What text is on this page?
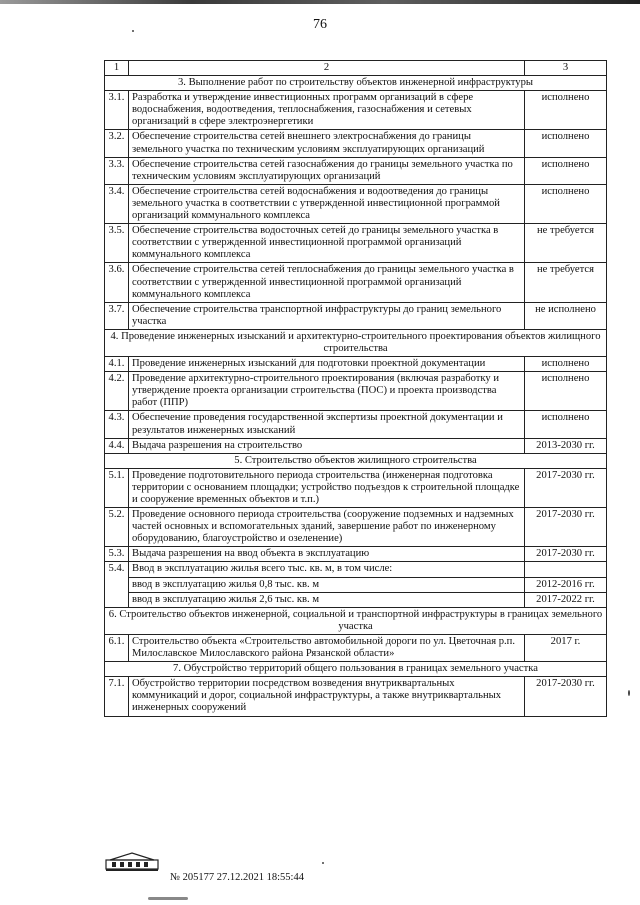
76
1	2	3
3. Выполнение работ по строительству объектов инженерной инфраструктуры		
3.1.	Разработка и утверждение инвестиционных программ организаций в сфере водоснабжения, водоотведения, теплоснабжения, газоснабжения и сетевых организаций в сфере электроэнергетики	исполнено
3.2.	Обеспечение строительства сетей внешнего электроснабжения до границы земельного участка по техническим условиям эксплуатирующих организаций	исполнено
3.3.	Обеспечение строительства сетей газоснабжения до границы земельного участка по техническим условиям эксплуатирующих организаций	исполнено
3.4.	Обеспечение строительства сетей водоснабжения и водоотведения до границы земельного участка в соответствии с утвержденной инвестиционной программой организаций коммунального комплекса	исполнено
3.5.	Обеспечение строительства водосточных сетей до границы земельного участка в соответствии с утвержденной инвестиционной программой организаций коммунального комплекса	не требуется
3.6.	Обеспечение строительства сетей теплоснабжения до границы земельного участка в соответствии с утвержденной инвестиционной программой организаций коммунального комплекса	не требуется
3.7.	Обеспечение строительства транспортной инфраструктуры до границ земельного участка	не исполнено
4. Проведение инженерных изысканий и архитектурно-строительного проектирования объектов жилищного строительства		
4.1.	Проведение инженерных изысканий для подготовки проектной документации	исполнено
4.2.	Проведение архитектурно-строительного проектирования (включая разработку и утверждение проекта организации строительства (ПОС) и проекта производства работ (ППР)	исполнено
4.3.	Обеспечение проведения государственной экспертизы проектной документации и результатов инженерных изысканий	исполнено
4.4.	Выдача разрешения на строительство	2013-2030 гг.
5. Строительство объектов жилищного строительства		
5.1.	Проведение подготовительного периода строительства (инженерная подготовка территории с основанием площадки; устройство подъездов к строительной площадке и сооружение временных объектов и т.п.)	2017-2030 гг.
5.2.	Проведение основного периода строительства (сооружение подземных и надземных частей основных и вспомогательных зданий, завершение работ по инженерному оборудованию, благоустройство и озеленение)	2017-2030 гг.
5.3.	Выдача разрешения на ввод объекта в эксплуатацию	2017-2030 гг.
5.4.	Ввод в эксплуатацию жилья всего тыс. кв. м, в том числе:	
	ввод в эксплуатацию жилья 0,8 тыс. кв. м	2012-2016 гг.
	ввод в эксплуатацию жилья 2,6 тыс. кв. м	2017-2022 гг.
6. Строительство объектов инженерной, социальной и транспортной инфраструктуры в границах земельного участка		
6.1.	Строительство объекта «Строительство автомобильной дороги по ул. Цветочная р.п. Милославское Милославского района Рязанской области»	2017 г.
7. Обустройство территорий общего пользования в границах земельного участка		
7.1.	Обустройство территории посредством возведения внутриквартальных коммуникаций и дорог, социальной инфраструктуры, а также внутриквартальных инженерных сооружений	2017-2030 гг.
№ 205177 27.12.2021 18:55:44
